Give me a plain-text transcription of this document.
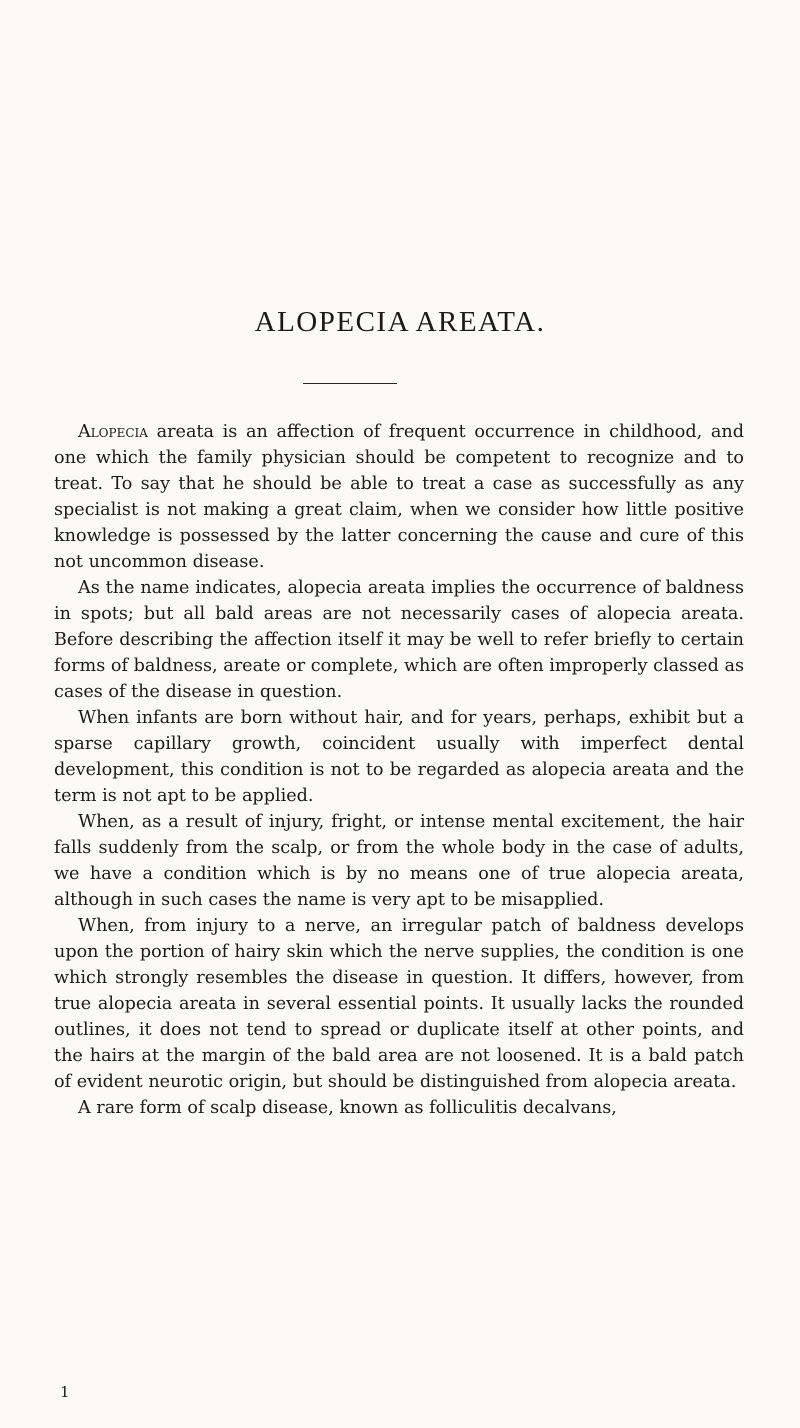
ALOPECIA AREATA.

Alopecia areata is an affection of frequent occurrence in childhood, and one which the family physician should be competent to recognize and to treat. To say that he should be able to treat a case as successfully as any specialist is not making a great claim, when we consider how little positive knowledge is possessed by the latter concerning the cause and cure of this not uncommon disease.

As the name indicates, alopecia areata implies the occurrence of baldness in spots; but all bald areas are not necessarily cases of alopecia areata. Before describing the affection itself it may be well to refer briefly to certain forms of baldness, areate or complete, which are often improperly classed as cases of the disease in question.

When infants are born without hair, and for years, perhaps, exhibit but a sparse capillary growth, coincident usually with imperfect dental development, this condition is not to be regarded as alopecia areata and the term is not apt to be applied.

When, as a result of injury, fright, or intense mental excitement, the hair falls suddenly from the scalp, or from the whole body in the case of adults, we have a condition which is by no means one of true alopecia areata, although in such cases the name is very apt to be misapplied.

When, from injury to a nerve, an irregular patch of baldness develops upon the portion of hairy skin which the nerve supplies, the condition is one which strongly resembles the disease in question. It differs, however, from true alopecia areata in several essential points. It usually lacks the rounded outlines, it does not tend to spread or duplicate itself at other points, and the hairs at the margin of the bald area are not loosened. It is a bald patch of evident neurotic origin, but should be distinguished from alopecia areata.

A rare form of scalp disease, known as folliculitis decalvans,

1
